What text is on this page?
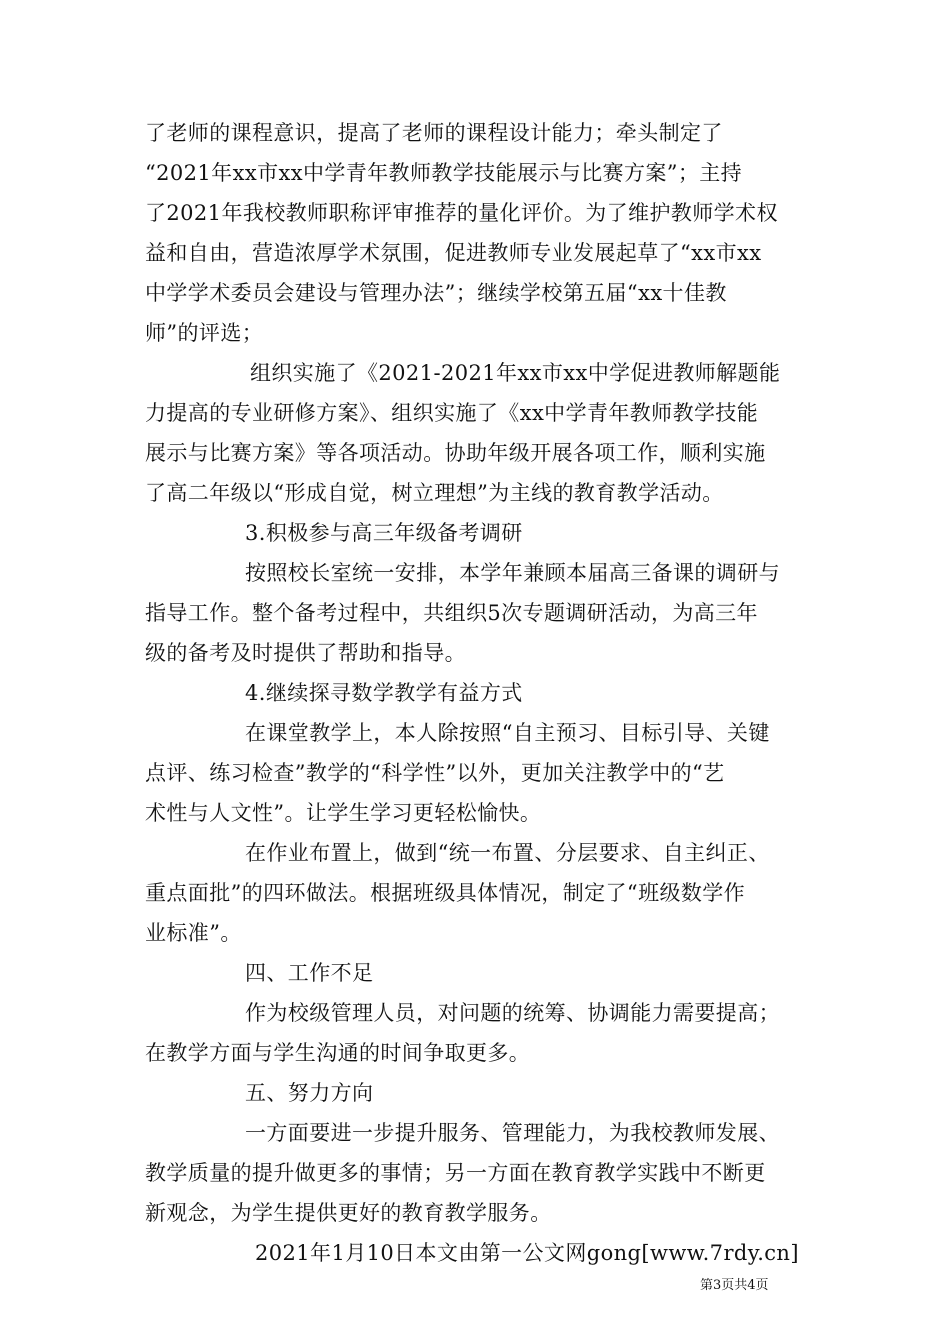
了老师的课程意识，提高了老师的课程设计能力；牵头制定了
“2021年xx市xx中学青年教师教学技能展示与比赛方案”；主持
了2021年我校教师职称评审推荐的量化评价。为了维护教师学术权
益和自由，营造浓厚学术氛围，促进教师专业发展起草了“xx市xx
中学学术委员会建设与管理办法”；继续学校第五届“xx十佳教
师”的评选；
组织实施了《2021-2021年xx市xx中学促进教师解题能
力提高的专业研修方案》、组织实施了《xx中学青年教师教学技能
展示与比赛方案》等各项活动。协助年级开展各项工作，顺利实施
了高二年级以“形成自觉，树立理想”为主线的教育教学活动。
3.积极参与高三年级备考调研
按照校长室统一安排，本学年兼顾本届高三备课的调研与
指导工作。整个备考过程中，共组织5次专题调研活动，为高三年
级的备考及时提供了帮助和指导。
4.继续探寻数学教学有益方式
在课堂教学上，本人除按照“自主预习、目标引导、关键
点评、练习检查”教学的“科学性”以外，更加关注教学中的“艺
术性与人文性”。让学生学习更轻松愉快。
在作业布置上，做到“统一布置、分层要求、自主纠正、
重点面批”的四环做法。根据班级具体情况，制定了“班级数学作
业标准”。
四、工作不足
作为校级管理人员，对问题的统筹、协调能力需要提高；
在教学方面与学生沟通的时间争取更多。
五、努力方向
一方面要进一步提升服务、管理能力，为我校教师发展、
教学质量的提升做更多的事情；另一方面在教育教学实践中不断更
新观念，为学生提供更好的教育教学服务。
2021年1月10日本文由第一公文网gong[www.7rdy.cn]
第3页共4页
